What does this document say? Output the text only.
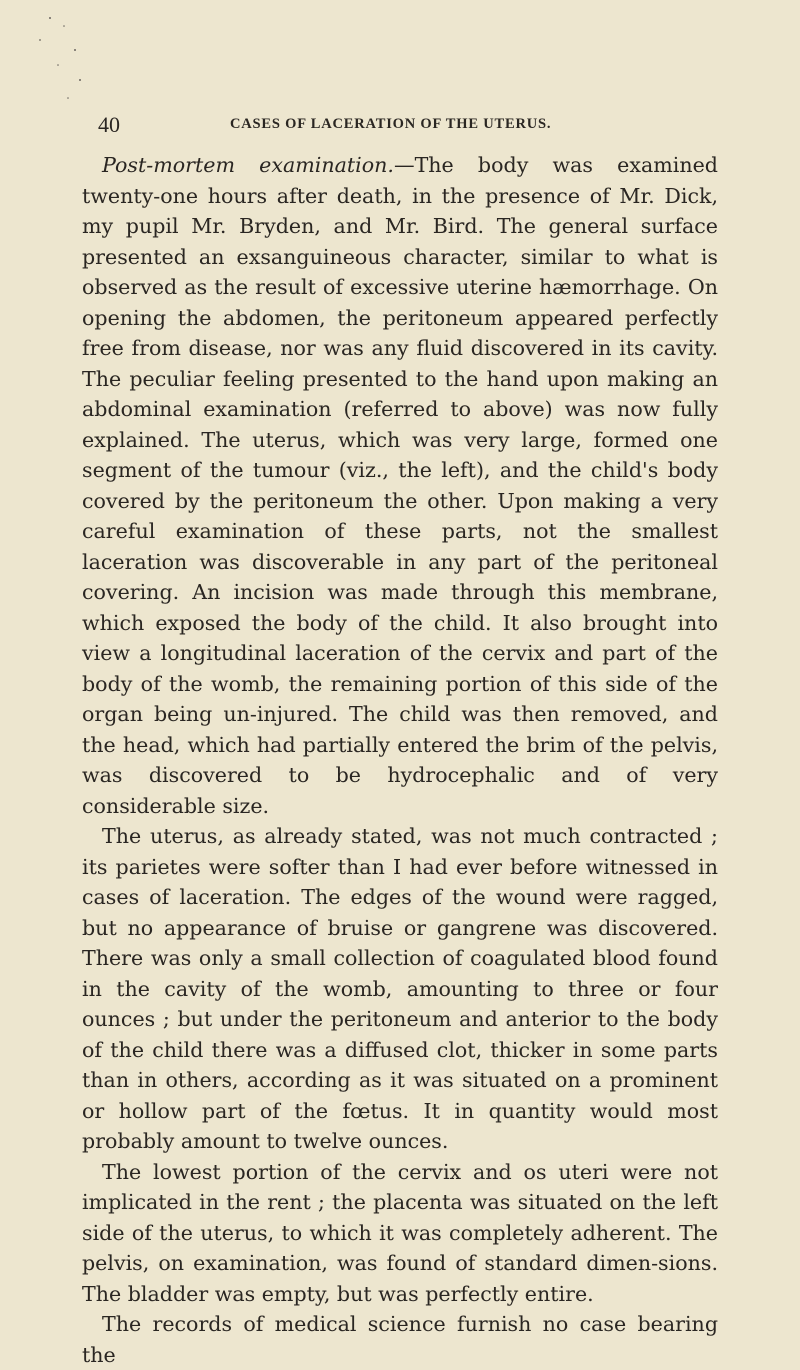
40	CASES OF LACERATION OF THE UTERUS.

Post-mortem examination.—The body was examined twenty-one hours after death, in the presence of Mr. Dick, my pupil Mr. Bryden, and Mr. Bird. The general surface presented an exsanguineous character, similar to what is observed as the result of excessive uterine hæmorrhage. On opening the abdomen, the peritoneum appeared perfectly free from disease, nor was any fluid discovered in its cavity. The peculiar feeling presented to the hand upon making an abdominal examination (referred to above) was now fully explained. The uterus, which was very large, formed one segment of the tumour (viz., the left), and the child's body covered by the peritoneum the other. Upon making a very careful examination of these parts, not the smallest laceration was discoverable in any part of the peritoneal covering. An incision was made through this membrane, which exposed the body of the child. It also brought into view a longitudinal laceration of the cervix and part of the body of the womb, the remaining portion of this side of the organ being un-injured. The child was then removed, and the head, which had partially entered the brim of the pelvis, was discovered to be hydrocephalic and of very considerable size.

The uterus, as already stated, was not much contracted ; its parietes were softer than I had ever before witnessed in cases of laceration. The edges of the wound were ragged, but no appearance of bruise or gangrene was discovered. There was only a small collection of coagulated blood found in the cavity of the womb, amounting to three or four ounces ; but under the peritoneum and anterior to the body of the child there was a diffused clot, thicker in some parts than in others, according as it was situated on a prominent or hollow part of the fœtus. It in quantity would most probably amount to twelve ounces.

The lowest portion of the cervix and os uteri were not implicated in the rent ; the placenta was situated on the left side of the uterus, to which it was completely adherent. The pelvis, on examination, was found of standard dimen-sions. The bladder was empty, but was perfectly entire.

The records of medical science furnish no case bearing the
